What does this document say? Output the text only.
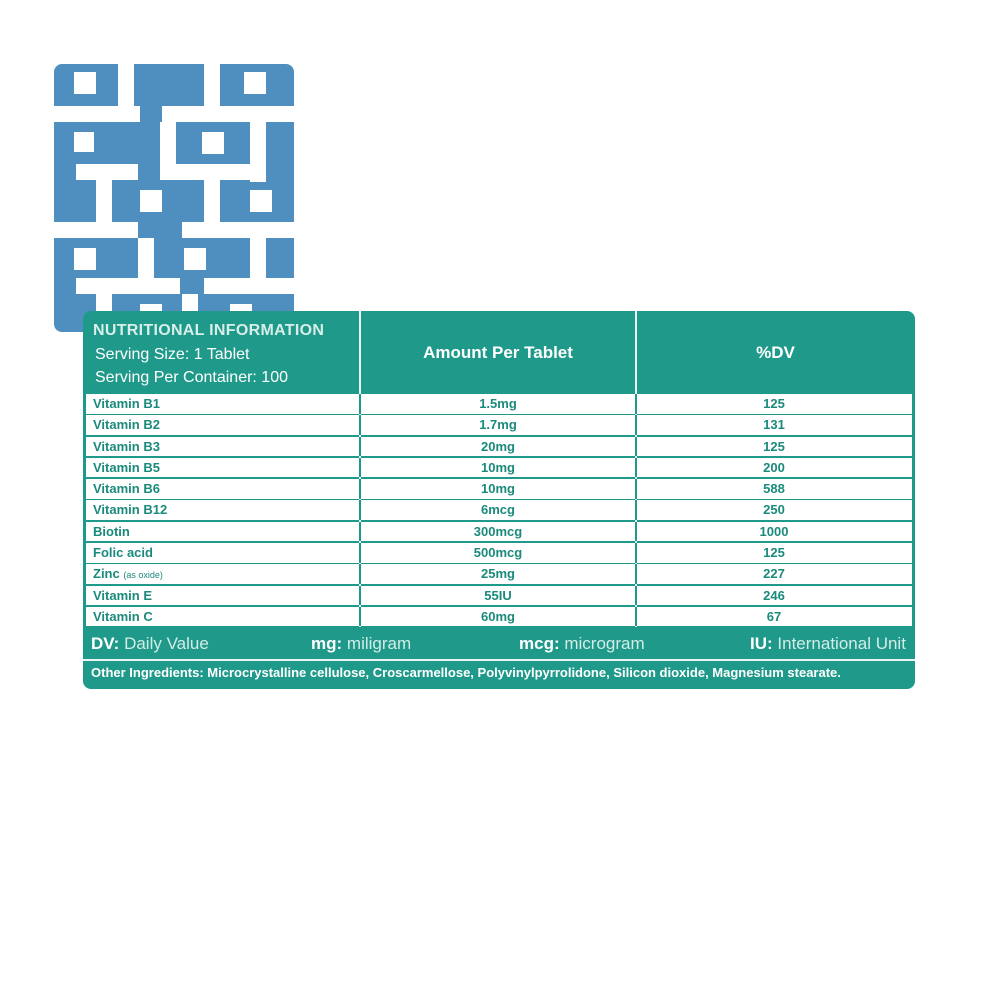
NUTRITIONAL INFORMATION
Serving Size: 1 Tablet
Serving Per Container: 100
Amount Per Tablet	%DV
Vitamin B1	1.5mg	125
Vitamin B2	1.7mg	131
Vitamin B3	20mg	125
Vitamin B5	10mg	200
Vitamin B6	10mg	588
Vitamin B12	6mcg	250
Biotin	300mcg	1000
Folic acid	500mcg	125
Zinc (as oxide)	25mg	227
Vitamin E	55IU	246
Vitamin C	60mg	67
DV: Daily Value	mg: miligram	mcg: microgram	IU: International Unit
Other Ingredients: Microcrystalline cellulose, Croscarmellose, Polyvinylpyrrolidone, Silicon dioxide, Magnesium stearate.
